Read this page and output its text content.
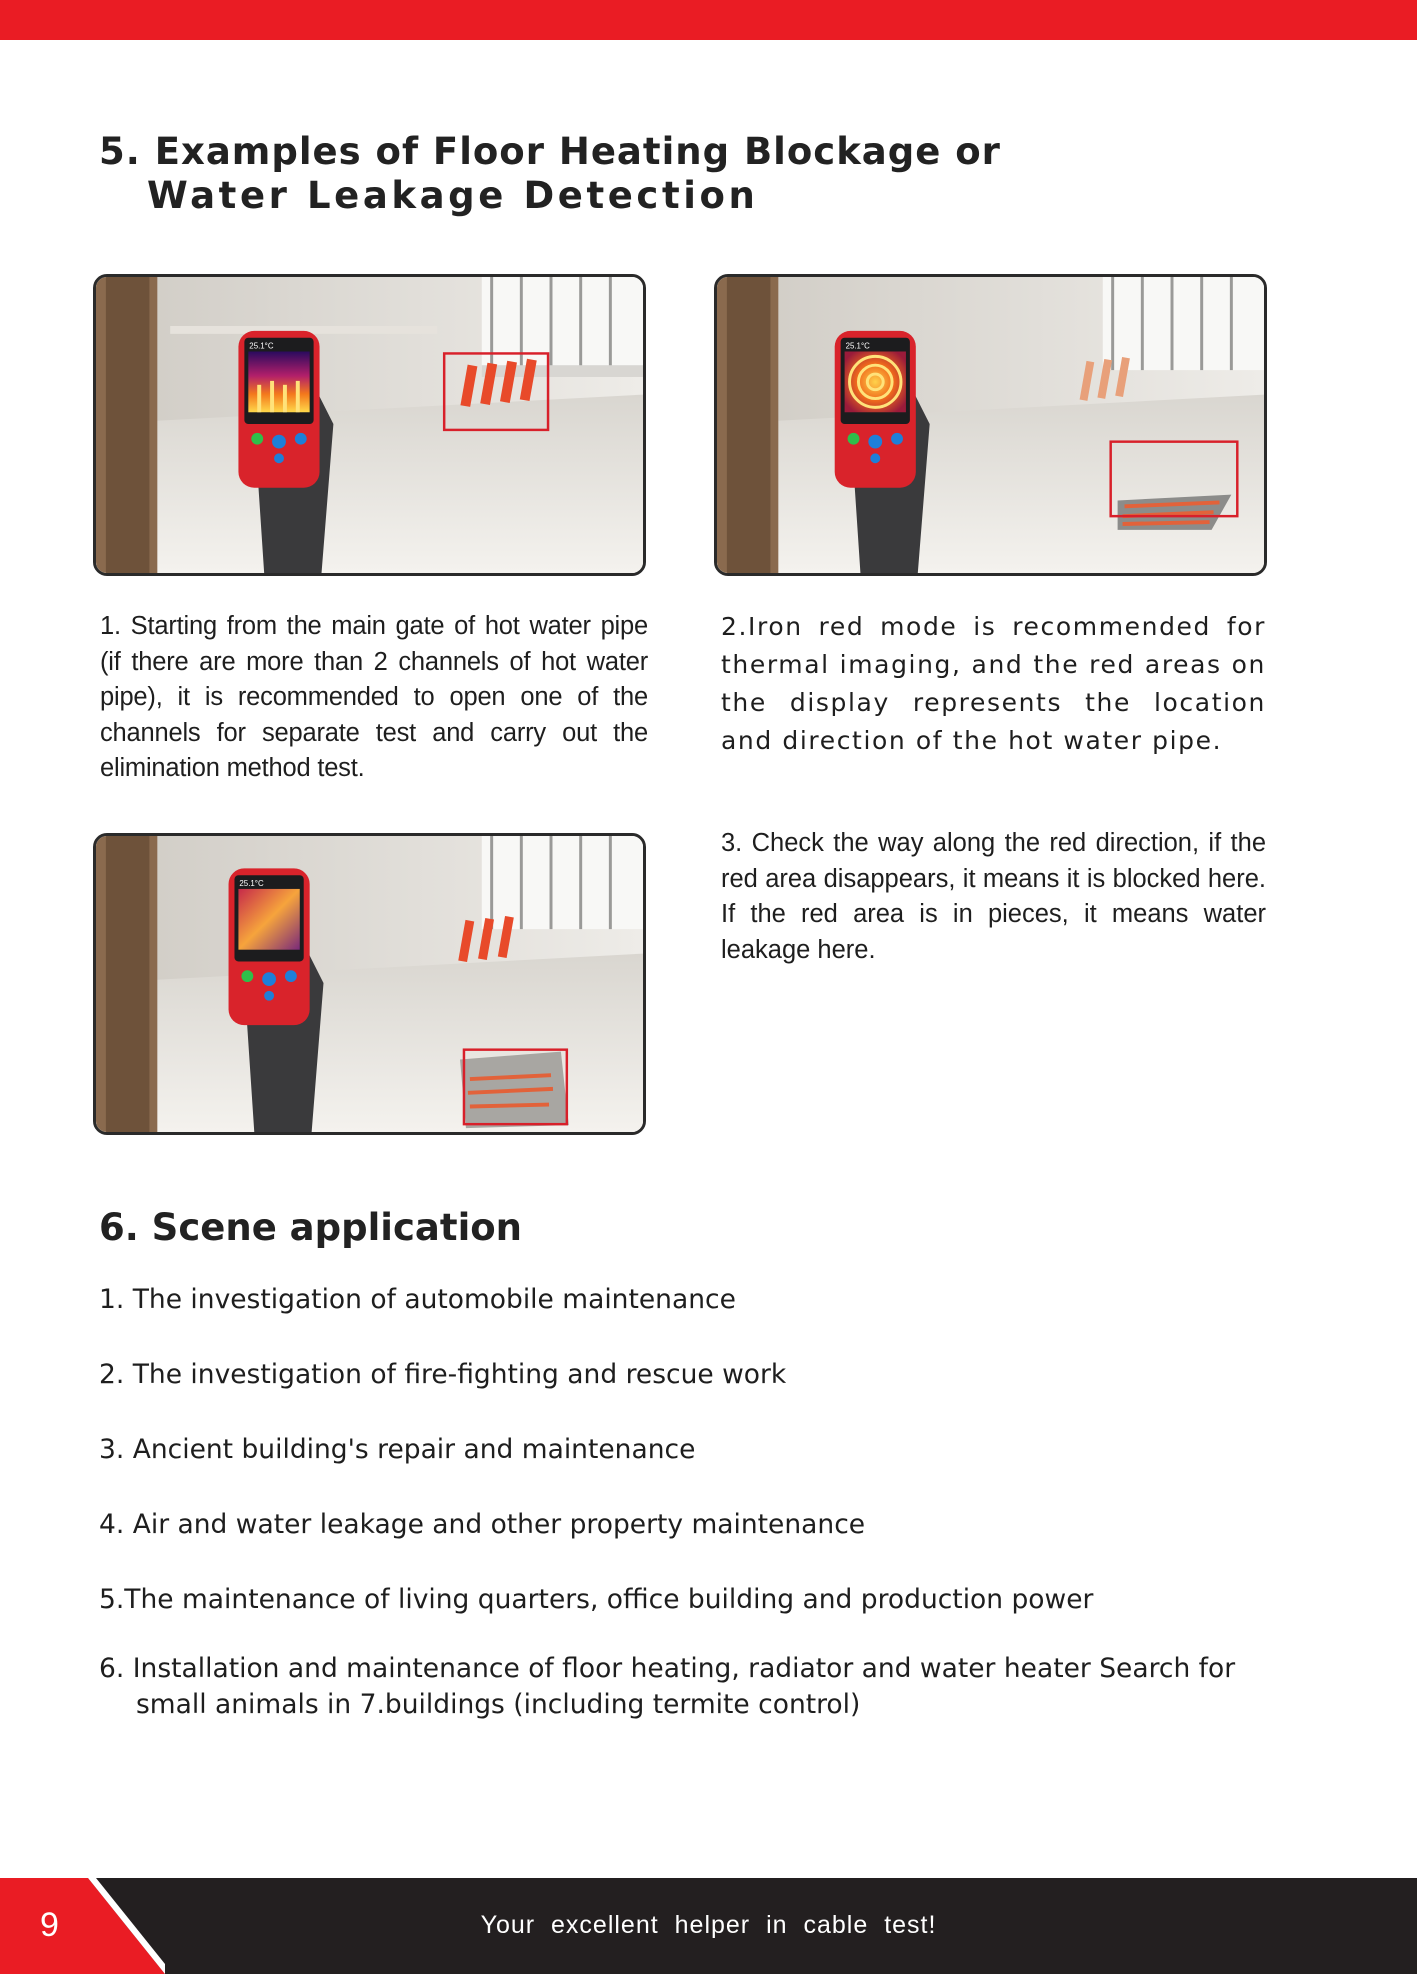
5. Examples of Floor Heating Blockage or
Water Leakage Detection
25.1°C	25.1°C

1. Starting from the main gate of hot water pipe (if there are more than 2 channels of hot water pipe), it is recommended to open one of the channels for separate test and carry out the elimination method test.

2.Iron red mode is recommended for thermal imaging, and the red areas on the display represents the location and direction of the hot water pipe.

25.1°C

3. Check the way along the red direction, if the red area disappears, it means it is blocked here. If the red area is in pieces, it means water leakage here.

6. Scene application

1. The investigation of automobile maintenance

2. The investigation of fire-fighting and rescue work

3. Ancient building's repair and maintenance

4. Air and water leakage and other property maintenance

5.The maintenance of living quarters, office building and production power

6. Installation and maintenance of floor heating, radiator and water heater Search for
small animals in 7.buildings (including termite control)

9	Your excellent helper in cable test!
